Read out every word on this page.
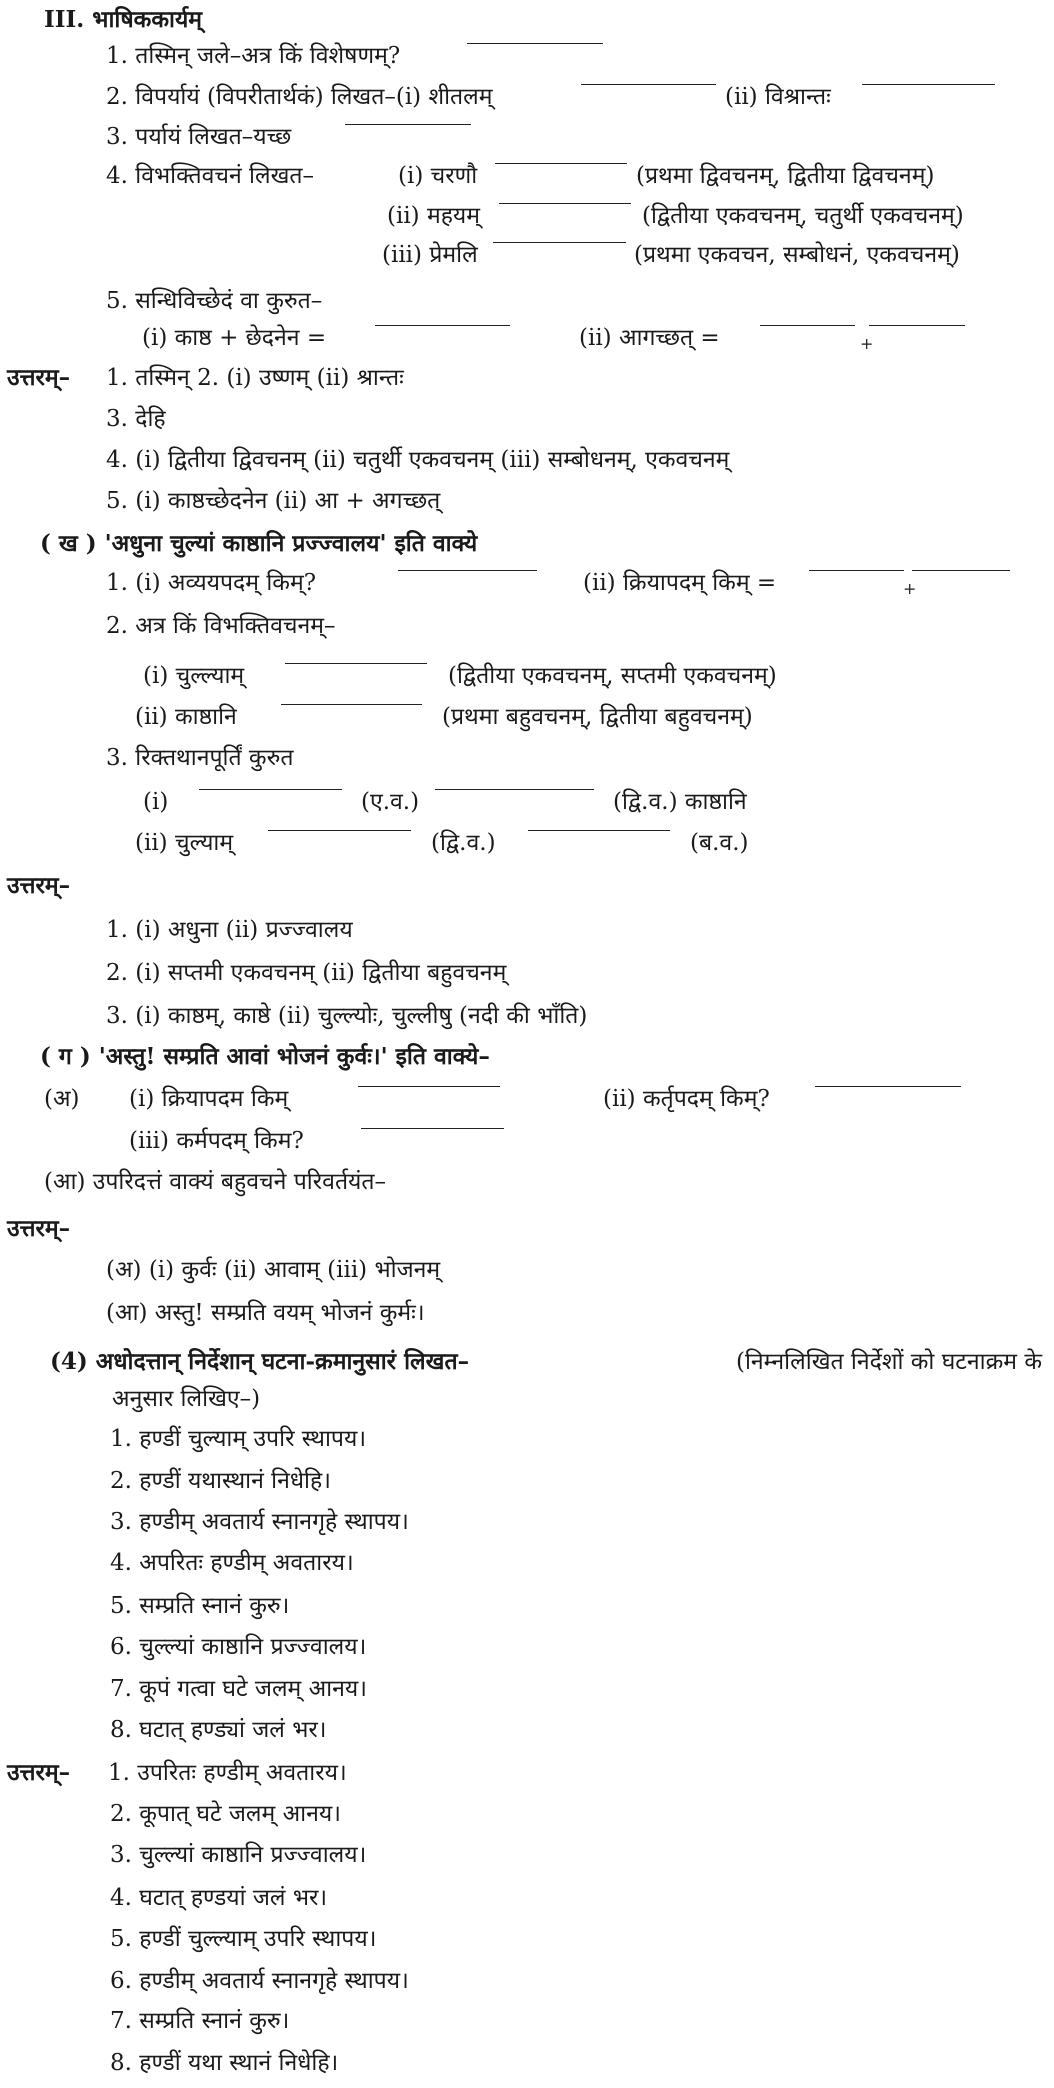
III. भाषिककार्यम्
1. तस्मिन् जले–अत्र किं विशेषणम्?
2. विपर्यायं (विपरीतार्थकं) लिखत–(i) शीतलम्	(ii) विश्रान्तः
3. पर्यायं लिखत–यच्छ
4. विभक्तिवचनं लिखत–	(i) चरणौ	(प्रथमा द्विवचनम्, द्वितीया द्विवचनम्)
(ii) महयम्	(द्वितीया एकवचनम्, चतुर्थी एकवचनम्)
(iii) प्रेमलि	(प्रथमा एकवचन, सम्बोधनं, एकवचनम्)
5. सन्धिविच्छेदं वा कुरुत–
(i) काष्ठ + छेदनेन =	(ii) आगच्छत् =	+
उत्तरम्– 1. तस्मिन् 2. (i) उष्णम् (ii) श्रान्तः
3. देहि
4. (i) द्वितीया द्विवचनम् (ii) चतुर्थी एकवचनम् (iii) सम्बोधनम्, एकवचनम्
5. (i) काष्ठच्छेदनेन (ii) आ + अगच्छत्
( ख ) 'अधुना चुल्यां काष्ठानि प्रज्ज्वालय' इति वाक्ये
1. (i) अव्ययपदम् किम्?	(ii) क्रियापदम् किम् =	+
2. अत्र किं विभक्तिवचनम्–
(i) चुल्ल्याम्	(द्वितीया एकवचनम्, सप्तमी एकवचनम्)
(ii) काष्ठानि	(प्रथमा बहुवचनम्, द्वितीया बहुवचनम्)
3. रिक्तथानपूर्तिं कुरुत
(i)	(ए.व.)	(द्वि.व.) काष्ठानि
(ii) चुल्याम्	(द्वि.व.)	(ब.व.)
उत्तरम्–
1. (i) अधुना (ii) प्रज्ज्वालय
2. (i) सप्तमी एकवचनम् (ii) द्वितीया बहुवचनम्
3. (i) काष्ठम्, काष्ठे (ii) चुल्ल्योः, चुल्लीषु (नदी की भाँति)
( ग ) 'अस्तु! सम्प्रति आवां भोजनं कुर्वः।' इति वाक्ये–
(अ) (i) क्रियापदम किम्	(ii) कर्तृपदम् किम्?
(iii) कर्मपदम् किम?
(आ) उपरिदत्तं वाक्यं बहुवचने परिवर्तयंत–
उत्तरम्–
(अ) (i) कुर्वः (ii) आवाम् (iii) भोजनम्
(आ) अस्तु! सम्प्रति वयम् भोजनं कुर्मः।
(4) अधोदत्तान् निर्देशान् घटना-क्रमानुसारं लिखत–	(निम्नलिखित निर्देशों को घटनाक्रम के
अनुसार लिखिए–)
1. हण्डीं चुल्याम् उपरि स्थापय।
2. हण्डीं यथास्थानं निधेहि।
3. हण्डीम् अवतार्य स्नानगृहे स्थापय।
4. अपरितः हण्डीम् अवतारय।
5. सम्प्रति स्नानं कुरु।
6. चुल्ल्यां काष्ठानि प्रज्ज्वालय।
7. कूपं गत्वा घटे जलम् आनय।
8. घटात् हण्ड्यां जलं भर।
उत्तरम्– 1. उपरितः हण्डीम् अवतारय।
2. कूपात् घटे जलम् आनय।
3. चुल्ल्यां काष्ठानि प्रज्ज्वालय।
4. घटात् हण्डयां जलं भर।
5. हण्डीं चुल्ल्याम् उपरि स्थापय।
6. हण्डीम् अवतार्य स्नानगृहे स्थापय।
7. सम्प्रति स्नानं कुरु।
8. हण्डीं यथा स्थानं निधेहि।
